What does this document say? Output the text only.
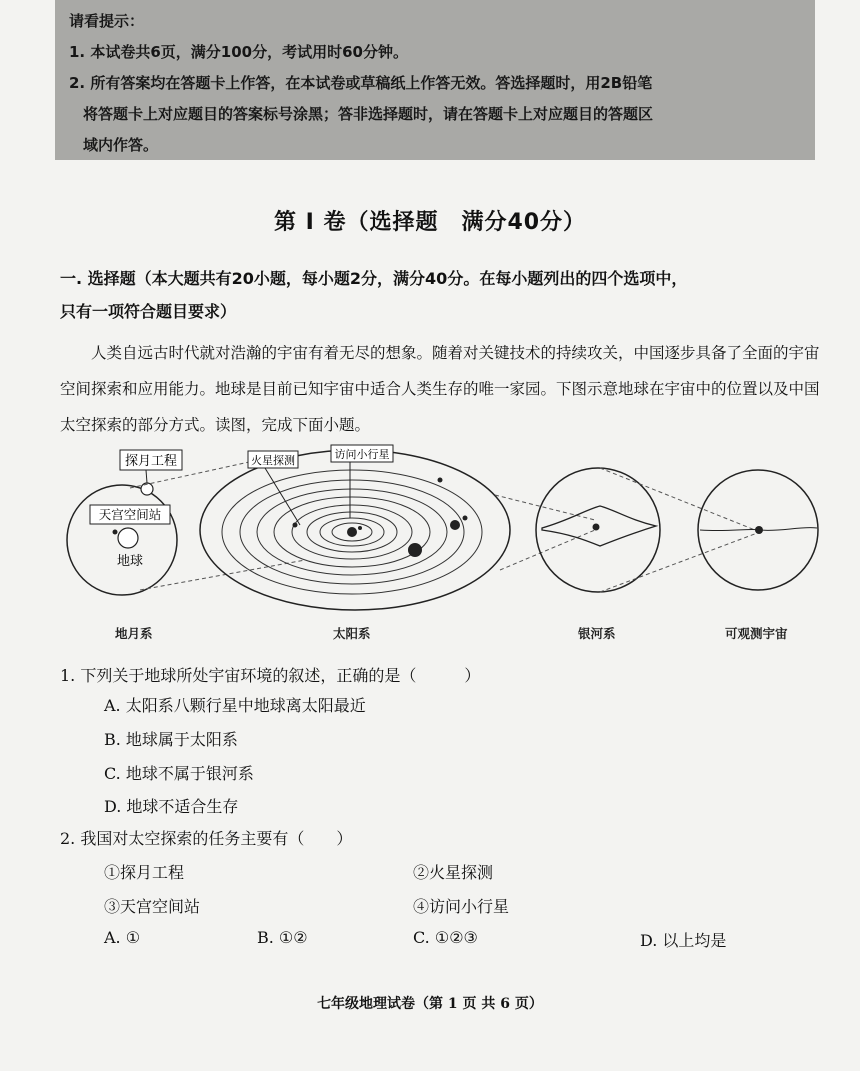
请看提示：
1. 本试卷共6页，满分100分，考试用时60分钟。
2. 所有答案均在答题卡上作答，在本试卷或草稿纸上作答无效。答选择题时，用2B铅笔
将答题卡上对应题目的答案标号涂黑；答非选择题时，请在答题卡上对应题目的答题区
域内作答。
第 I 卷（选择题　满分40分）
一. 选择题（本大题共有20小题，每小题2分，满分40分。在每小题列出的四个选项中，
只有一项符合题目要求）
人类自远古时代就对浩瀚的宇宙有着无尽的想象。随着对关键技术的持续攻关，中国逐步具备了全面的宇宙空间探索和应用能力。地球是目前已知宇宙中适合人类生存的唯一家园。下图示意地球在宇宙中的位置以及中国太空探索的部分方式。读图，完成下面小题。
探月工程
天宫空间站
地球
火星探测	访问小行星
地月系	太阳系	银河系	可观测宇宙
1. 下列关于地球所处宇宙环境的叙述，正确的是（　　　）
A. 太阳系八颗行星中地球离太阳最近
B. 地球属于太阳系
C. 地球不属于银河系
D. 地球不适合生存
2. 我国对太空探索的任务主要有（　　）
①探月工程	②火星探测
③天宫空间站	④访问小行星
A. ①	B. ①②	C. ①②③	D. 以上均是
七年级地理试卷（第 1 页 共 6 页）
